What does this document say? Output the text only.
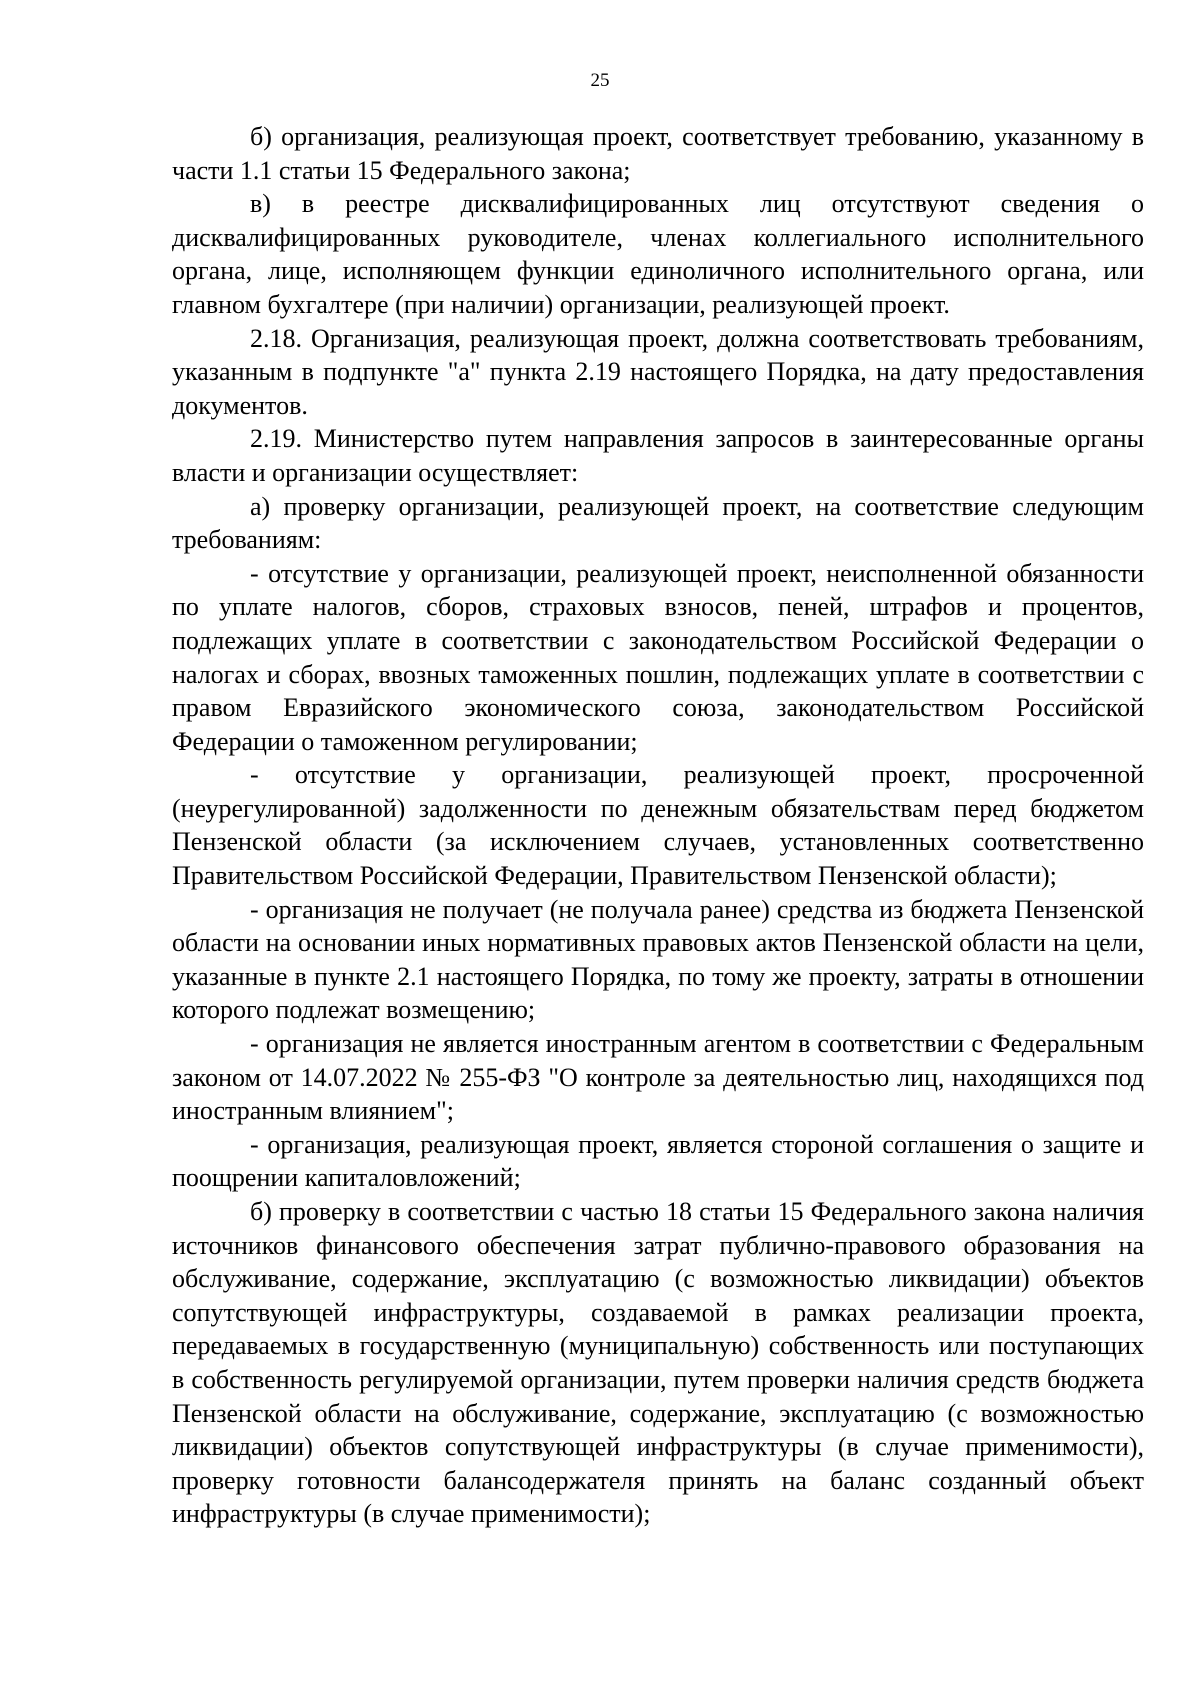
25

б) организация, реализующая проект, соответствует требованию, указанному в части 1.1 статьи 15 Федерального закона;

в) в реестре дисквалифицированных лиц отсутствуют сведения о дисквалифицированных руководителе, членах коллегиального исполнительного органа, лице, исполняющем функции единоличного исполнительного органа, или главном бухгалтере (при наличии) организации, реализующей проект.

2.18. Организация, реализующая проект, должна соответствовать требованиям, указанным в подпункте "а" пункта 2.19 настоящего Порядка, на дату предоставления документов.

2.19. Министерство путем направления запросов в заинтересованные органы власти и организации осуществляет:

а) проверку организации, реализующей проект, на соответствие следующим требованиям:

- отсутствие у организации, реализующей проект, неисполненной обязанности по уплате налогов, сборов, страховых взносов, пеней, штрафов и процентов, подлежащих уплате в соответствии с законодательством Российской Федерации о налогах и сборах, ввозных таможенных пошлин, подлежащих уплате в соответствии с правом Евразийского экономического союза, законодательством Российской Федерации о таможенном регулировании;

- отсутствие у организации, реализующей проект, просроченной (неурегулированной) задолженности по денежным обязательствам перед бюджетом Пензенской области (за исключением случаев, установленных соответственно Правительством Российской Федерации, Правительством Пензенской области);

- организация не получает (не получала ранее) средства из бюджета Пензенской области на основании иных нормативных правовых актов Пензенской области на цели, указанные в пункте 2.1 настоящего Порядка, по тому же проекту, затраты в отношении которого подлежат возмещению;

- организация не является иностранным агентом в соответствии с Федеральным законом от 14.07.2022 № 255-ФЗ "О контроле за деятельностью лиц, находящихся под иностранным влиянием";

- организация, реализующая проект, является стороной соглашения о защите и поощрении капиталовложений;

б) проверку в соответствии с частью 18 статьи 15 Федерального закона наличия источников финансового обеспечения затрат публично-правового образования на обслуживание, содержание, эксплуатацию (с возможностью ликвидации) объектов сопутствующей инфраструктуры, создаваемой в рамках реализации проекта, передаваемых в государственную (муниципальную) собственность или поступающих в собственность регулируемой организации, путем проверки наличия средств бюджета Пензенской области на обслуживание, содержание, эксплуатацию (с возможностью ликвидации) объектов сопутствующей инфраструктуры (в случае применимости), проверку готовности балансодержателя принять на баланс созданный объект инфраструктуры (в случае применимости);
